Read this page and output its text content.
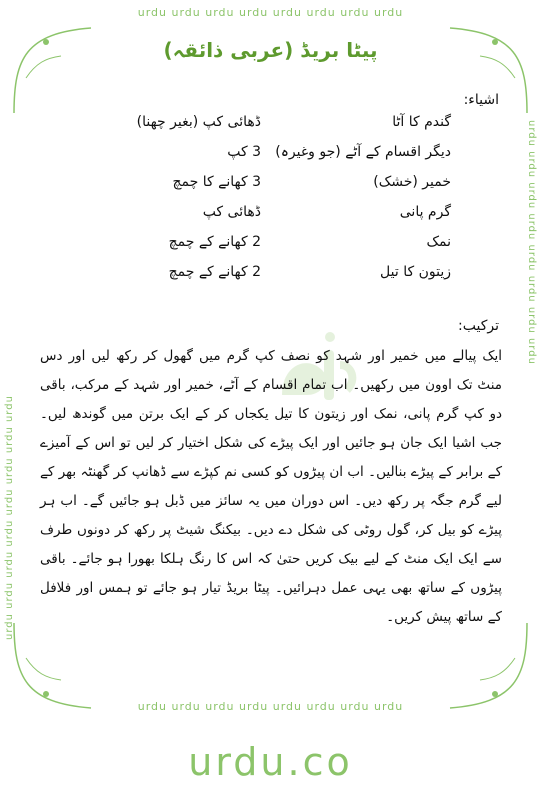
urdu urdu urdu urdu urdu urdu urdu urdu
urdu urdu urdu urdu urdu urdu urdu urdu
urdu urdu urdu urdu urdu urdu urdu urdu
urdu urdu urdu urdu urdu urdu urdu urdu
پیٹا بریڈ (عربی ذائقہ)
اشیاء:
گندم کا آٹا
ڈھائی کپ (بغیر چھنا)
دیگر اقسام کے آٹے (جو وغیرہ)
3 کپ
خمیر (خشک)
3 کھانے کا چمچ
گرم پانی
ڈھائی کپ
نمک
2 کھانے کے چمچ
زیتون کا تیل
2 کھانے کے چمچ
ترکیب:
ایک پیالے میں خمیر اور شہد کو نصف کپ گرم میں گھول کر رکھ لیں اور دس منٹ تک اوون میں رکھیں۔ اب تمام اقسام کے آٹے، خمیر اور شہد کے مرکب، باقی دو کپ گرم پانی، نمک اور زیتون کا تیل یکجاں کر کے ایک برتن میں گوندھ لیں۔ جب اشیا ایک جان ہو جائیں اور ایک پیڑے کی شکل اختیار کر لیں تو اس کے آمیزے کے برابر کے پیڑے بنالیں۔ اب ان پیڑوں کو کسی نم کپڑے سے ڈھانپ کر گھنٹہ بھر کے لیے گرم جگہ پر رکھ دیں۔ اس دوران میں یہ سائز میں ڈبل ہو جائیں گے۔ اب ہر پیڑے کو بیل کر، گول روٹی کی شکل دے دیں۔ بیکنگ شیٹ پر رکھ کر دونوں طرف سے ایک ایک منٹ کے لیے بیک کریں حتیٰ کہ اس کا رنگ ہلکا بھورا ہو جائے۔ باقی پیڑوں کے ساتھ بھی یہی عمل دہرائیں۔ پیٹا بریڈ تیار ہو جائے تو ہمس اور فلافل کے ساتھ پیش کریں۔
urdu.co
